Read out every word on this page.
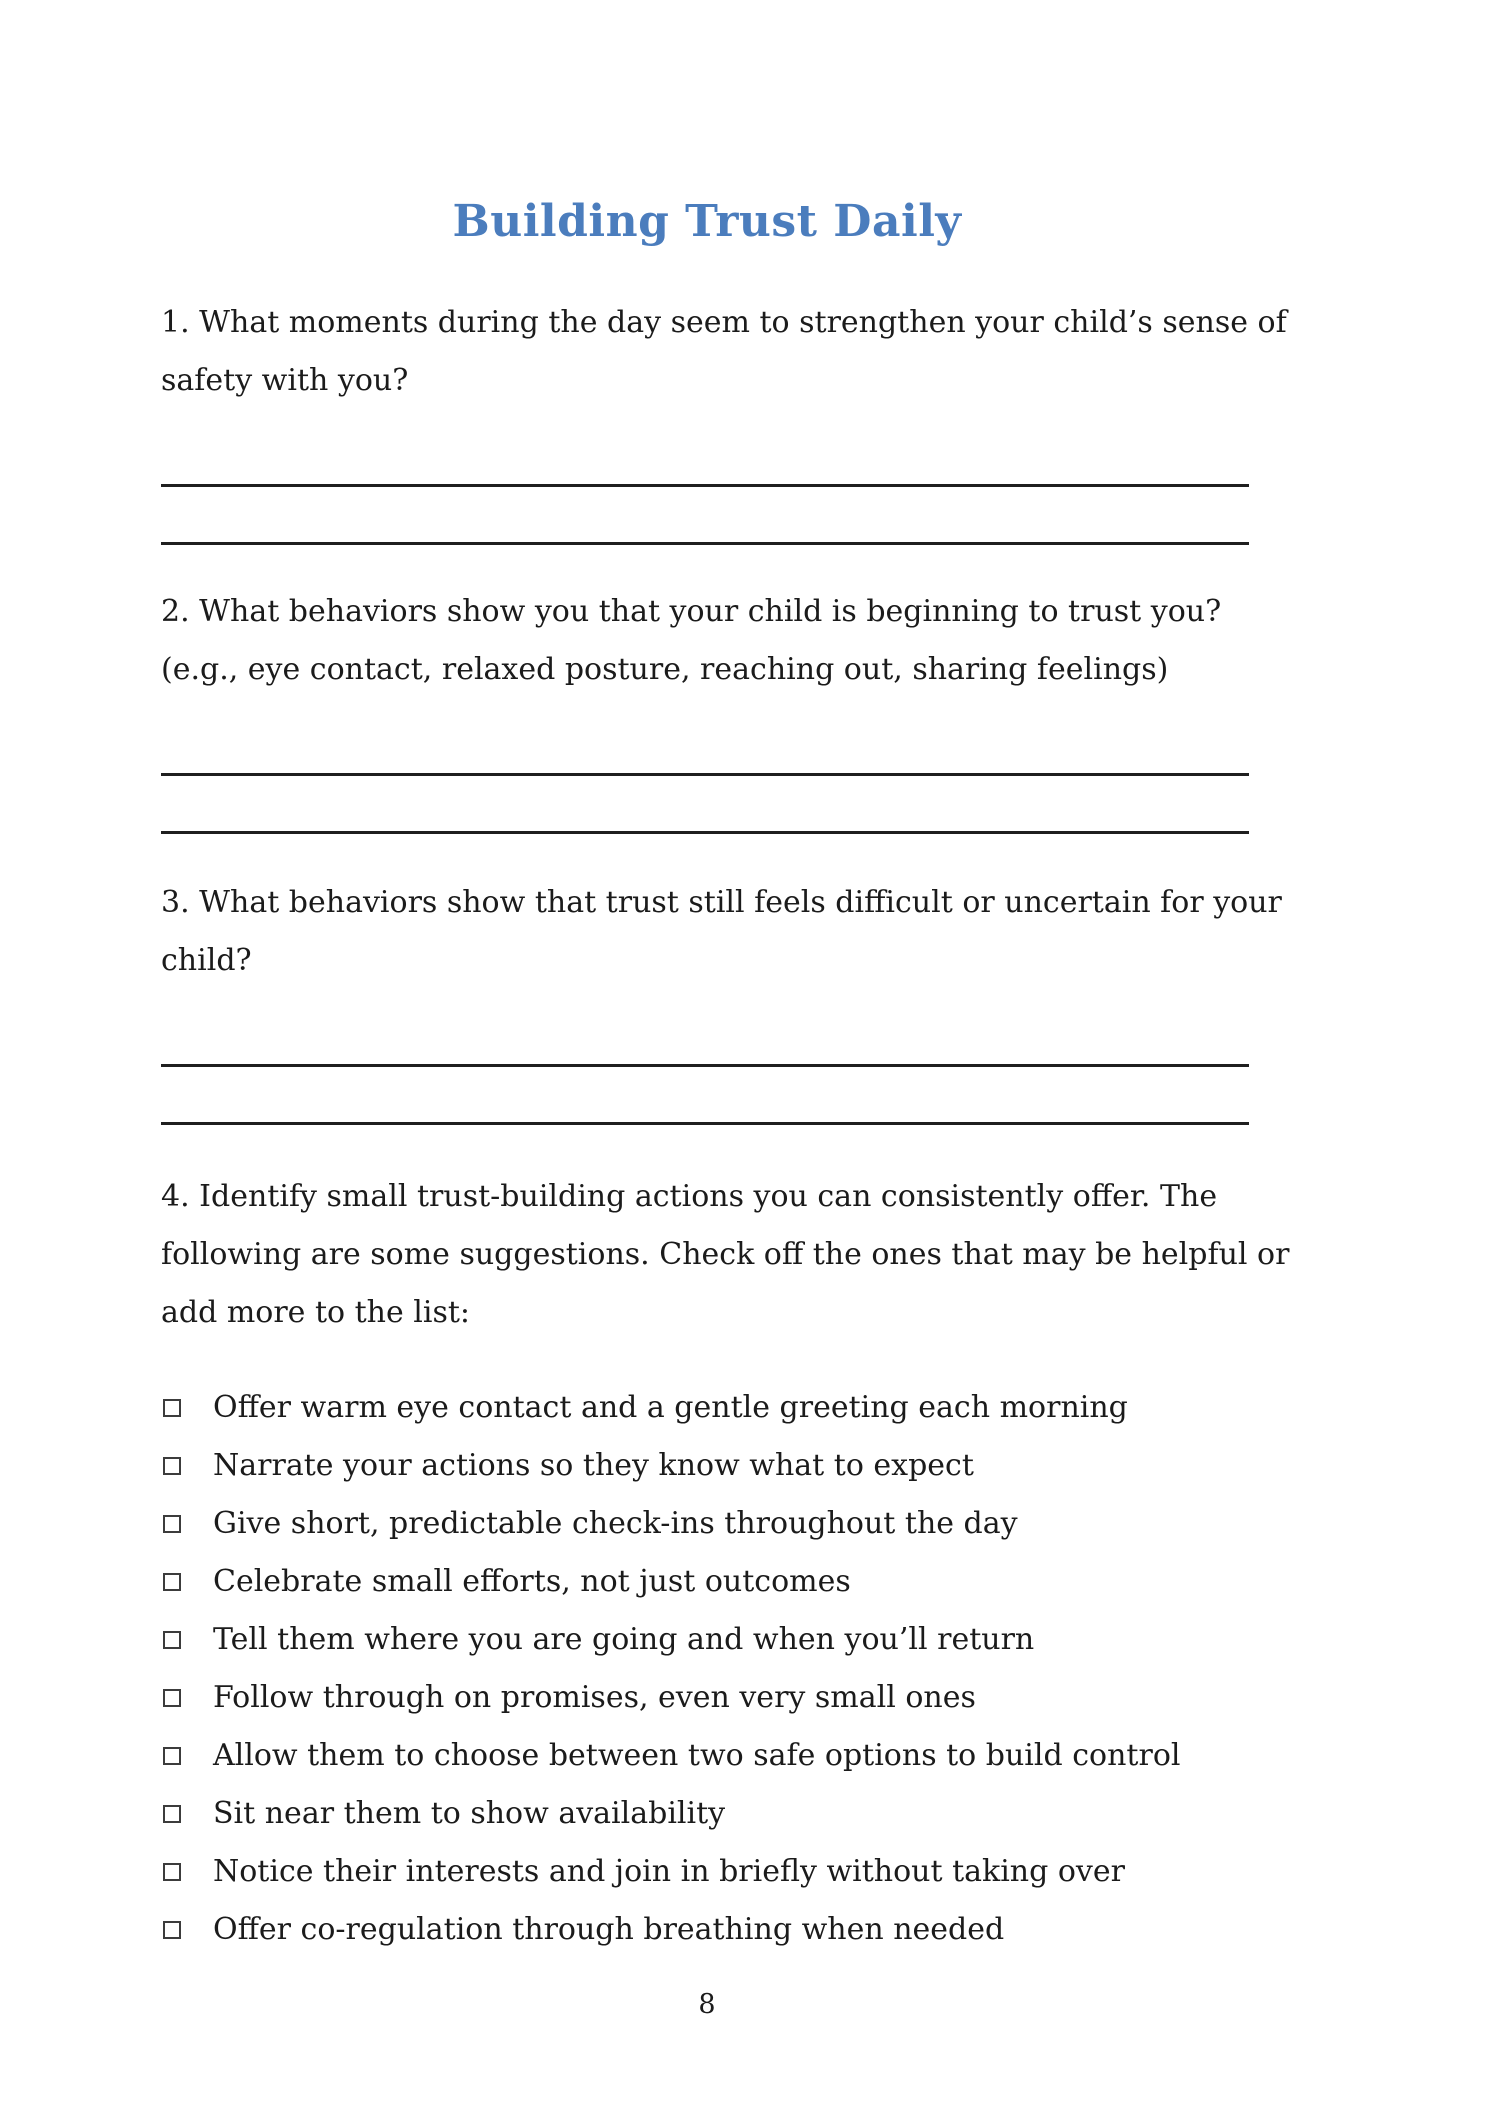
Building Trust Daily
1. What moments during the day seem to strengthen your child’s sense of
safety with you?
2. What behaviors show you that your child is beginning to trust you?
(e.g., eye contact, relaxed posture, reaching out, sharing feelings)
3. What behaviors show that trust still feels difficult or uncertain for your
child?
4. Identify small trust-building actions you can consistently offer. The
following are some suggestions. Check off the ones that may be helpful or
add more to the list:
Offer warm eye contact and a gentle greeting each morning
Narrate your actions so they know what to expect
Give short, predictable check-ins throughout the day
Celebrate small efforts, not just outcomes
Tell them where you are going and when you’ll return
Follow through on promises, even very small ones
Allow them to choose between two safe options to build control
Sit near them to show availability
Notice their interests and join in briefly without taking over
Offer co-regulation through breathing when needed
8
